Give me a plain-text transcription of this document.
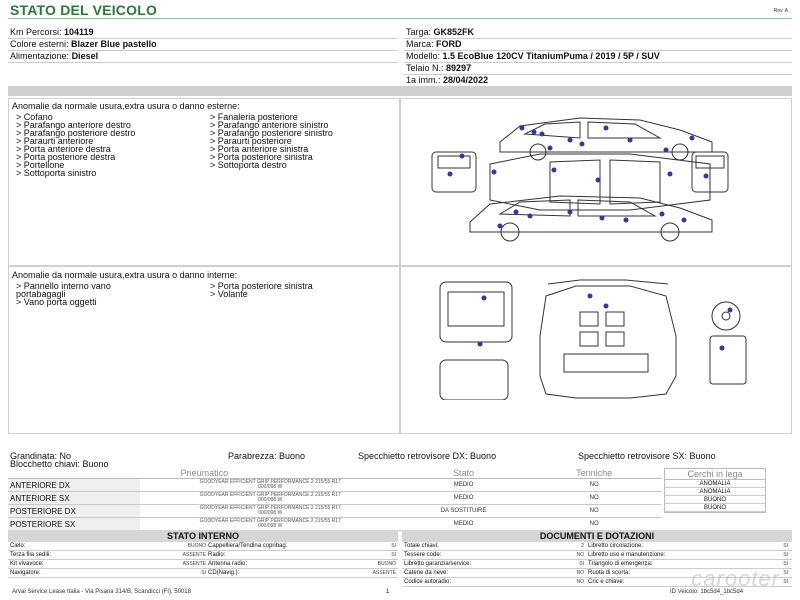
STATO DEL VEICOLO	Rev. A
Km Percorsi: 104119
Colore esterni: Blazer Blue pastello
Alimentazione: Diesel
Targa: GK852FK
Marca: FORD
Modello: 1.5 EcoBlue 120CV TitaniumPuma / 2019 / 5P / SUV
Telaio N.: 89297
1a imm.: 28/04/2022
Anomalie da normale usura,extra usura o danno esterne:
> Cofano
> Parafango anteriore destro
> Parafango posteriore destro
> Paraurti anteriore
> Porta anteriore destra
> Porta posteriore destra
> Portellone
> Sottoporta sinistro
> Fanaleria posteriore
> Parafango anteriore sinistro
> Parafango posteriore sinistro
> Paraurti posteriore
> Porta anteriore sinistra
> Porta posteriore sinistra
> Sottoporta destro
Anomalie da normale usura,extra usura o danno interne:
> Pannello interno vano
portabagagli
> Vano porta oggetti
> Porta posteriore sinistra
> Volante
Grandinata: No	Parabrezza: Buono	Specchietto retrovisore DX: Buono	Specchietto retrovisore SX: Buono
Blocchetto chiavi: Buono
Pneumatico		Stato	Tenniche
ANTERIORE DX	GOODYEAR EFFICIENT GRIP PERFORMANCE 2 215/55 R17
000/098 W	MEDIO	NO
ANTERIORE SX	GOODYEAR EFFICIENT GRIP PERFORMANCE 2 215/55 R17
000/098 W	MEDIO	NO
POSTERIORE DX	GOODYEAR EFFICIENT GRIP PERFORMANCE 2 215/55 R17
000/098 W	DA SOSTITUIRE	NO
POSTERIORE SX	GOODYEAR EFFICIENT GRIP PERFORMANCE 2 215/55 R17
000/098 W	MEDIO	NO
Cerchi in lega
ANOMALIA
ANOMALIA
BUONO
BUONO
STATO INTERNO
Cielo:	BUONO Cappelliera/Tendina copribag:	SI
Terza fila sedili:	ASSENTE Radio:	SI
Kit vivavoce:	ASSENTE Antenna radio:	BUONO
Navigatore:	SI CD(Navig.):	ASSENTE
DOCUMENTI E DOTAZIONI
Totale chiavi:	2 Libretto circolazione:	SI
Tessere code:	NO Libretto uso e manutenzione:	SI
Libretto garanzia/service:	SI Triangolo di emergenza:	SI
Catene da neve:	NO Ruota di scorta:	SI
Codice autoradio:	NO Cric e chiave:	SI
Arval Service Lease Italia - Via Pisana 314/B, Scandicci (FI), 50018	1	ID Veicolo: 1bc5d4_1bc5d4
carooter
